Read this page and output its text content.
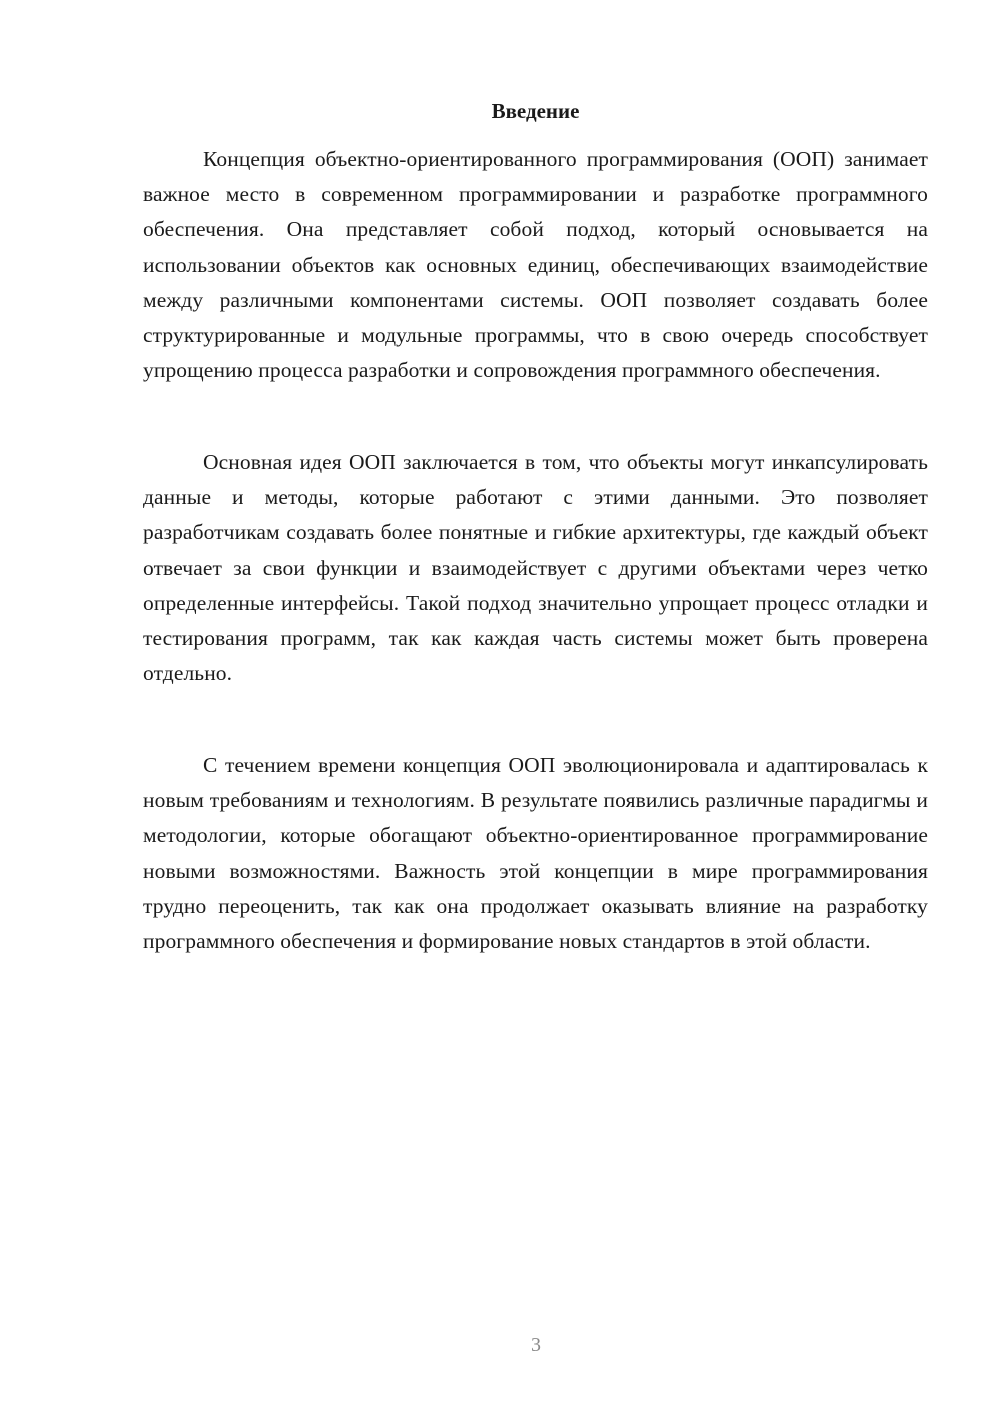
Введение

Концепция объектно-ориентированного программирования (ООП) занимает важное место в современном программировании и разработке программного обеспечения. Она представляет собой подход, который основывается на использовании объектов как основных единиц, обеспечивающих взаимодействие между различными компонентами системы. ООП позволяет создавать более структурированные и модульные программы, что в свою очередь способствует упрощению процесса разработки и сопровождения программного обеспечения.

Основная идея ООП заключается в том, что объекты могут инкапсулировать данные и методы, которые работают с этими данными. Это позволяет разработчикам создавать более понятные и гибкие архитектуры, где каждый объект отвечает за свои функции и взаимодействует с другими объектами через четко определенные интерфейсы. Такой подход значительно упрощает процесс отладки и тестирования программ, так как каждая часть системы может быть проверена отдельно.

С течением времени концепция ООП эволюционировала и адаптировалась к новым требованиям и технологиям. В результате появились различные парадигмы и методологии, которые обогащают объектно-ориентированное программирование новыми возможностями. Важность этой концепции в мире программирования трудно переоценить, так как она продолжает оказывать влияние на разработку программного обеспечения и формирование новых стандартов в этой области.

3
